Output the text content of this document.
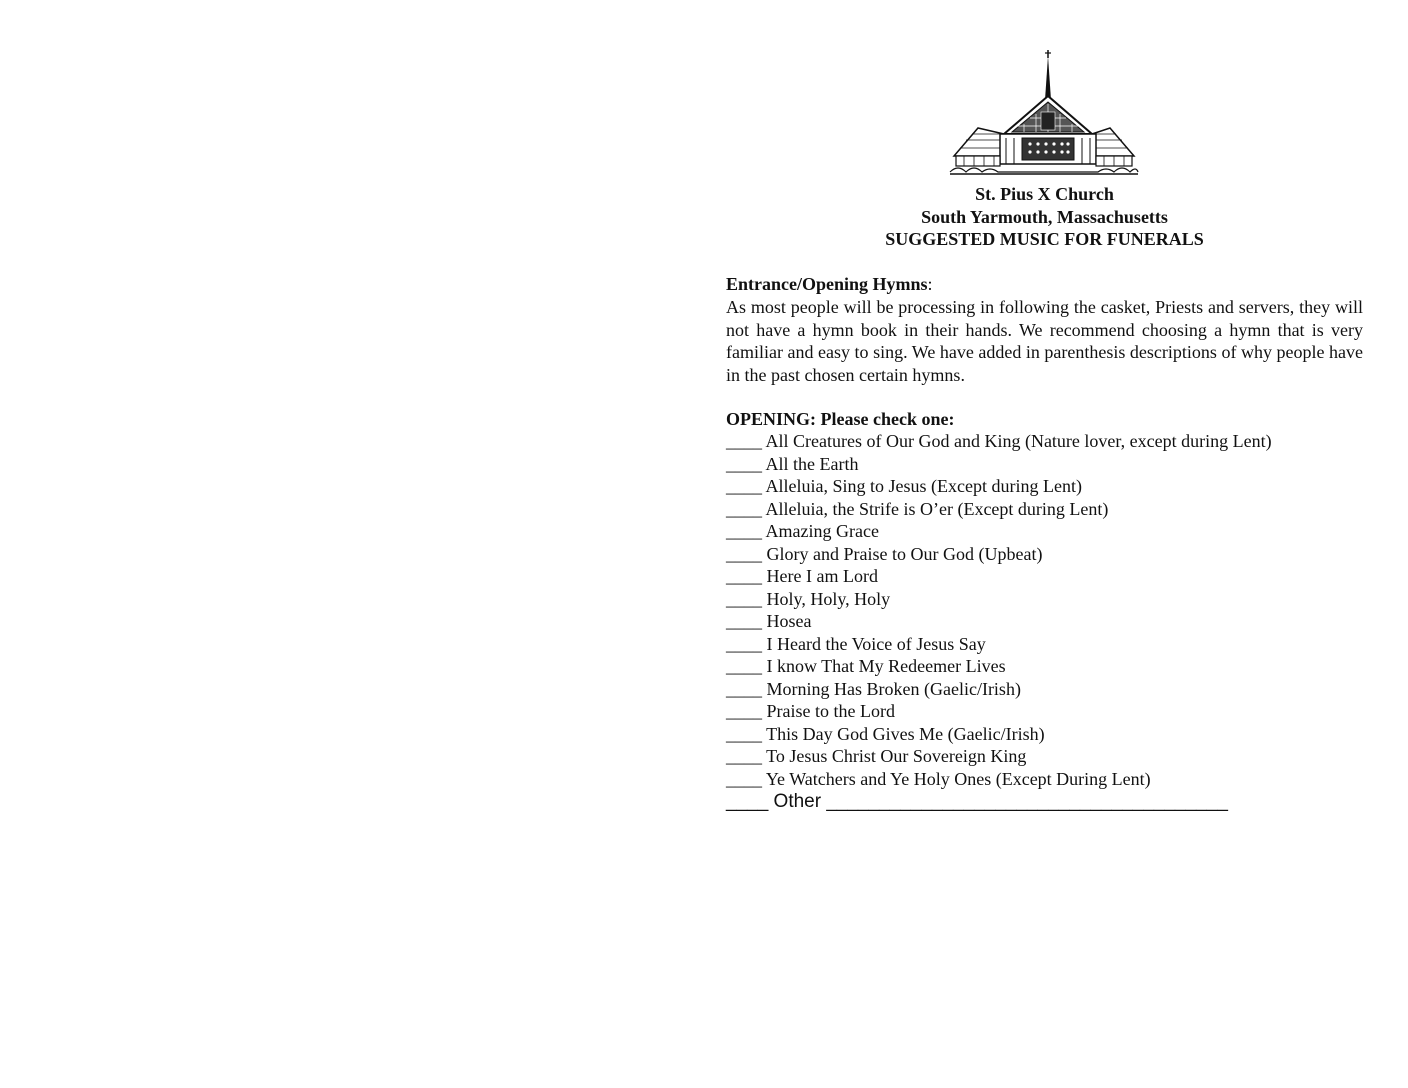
St. Pius X Church
South Yarmouth, Massachusetts
SUGGESTED MUSIC FOR FUNERALS
Entrance/Opening Hymns:
As most people will be processing in following the casket, Priests and servers, they will not have a hymn book in their hands. We recommend choosing a hymn that is very familiar and easy to sing. We have added in parenthesis descriptions of why people have in the past chosen certain hymns.
OPENING: Please check one:
____ All Creatures of Our God and King (Nature lover, except during Lent)
____ All the Earth
____ Alleluia, Sing to Jesus (Except during Lent)
____ Alleluia, the Strife is O’er (Except during Lent)
____ Amazing Grace
____ Glory and Praise to Our God (Upbeat)
____ Here I am Lord
____ Holy, Holy, Holy
____ Hosea
____ I Heard the Voice of Jesus Say
____ I know That My Redeemer Lives
____ Morning Has Broken (Gaelic/Irish)
____ Praise to the Lord
____ This Day God Gives Me (Gaelic/Irish)
____ To Jesus Christ Our Sovereign King
____ Ye Watchers and Ye Holy Ones (Except During Lent)
____ Other ______________________________________
